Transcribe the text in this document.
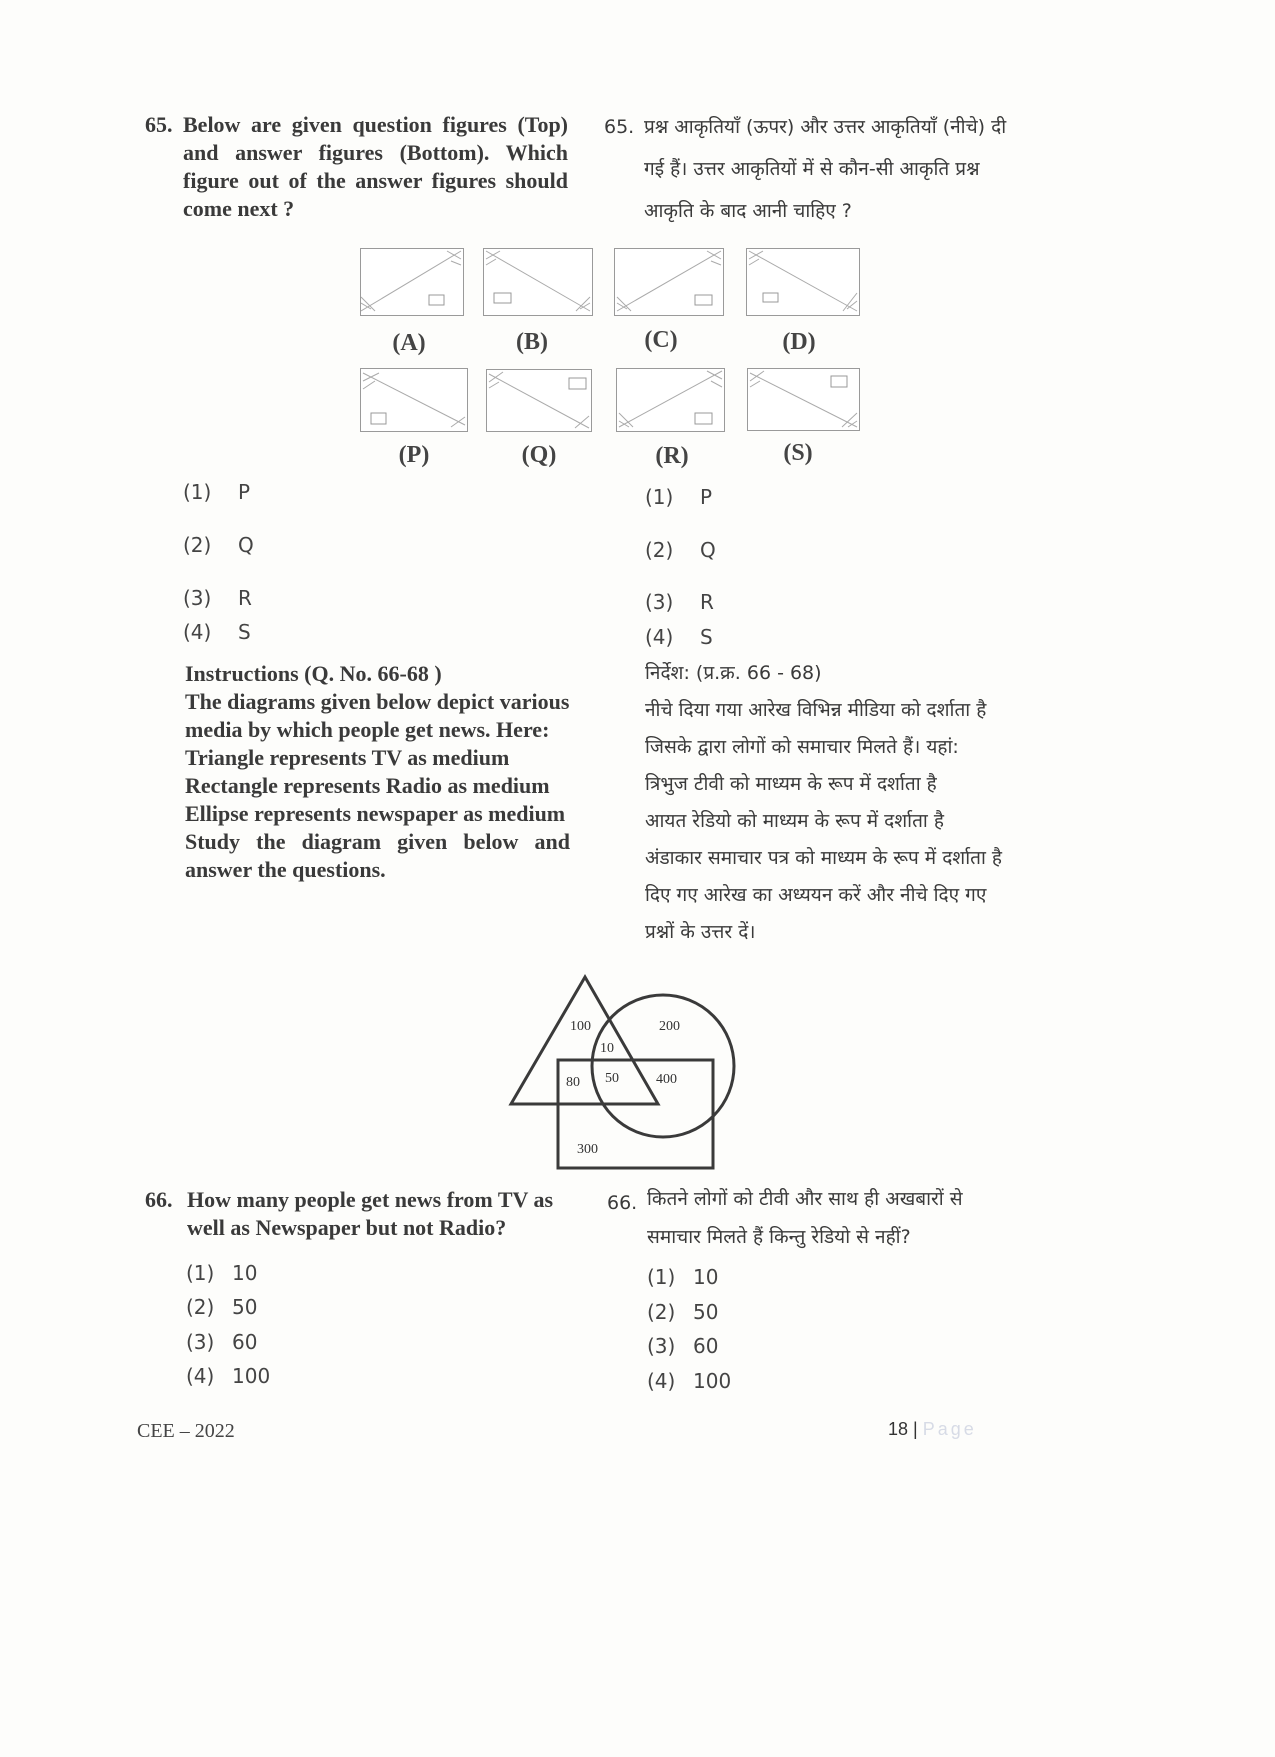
65. Below are given question figures (Top) and answer figures (Bottom). Which figure out of the answer figures should come next ?
65. प्रश्न आकृतियाँ (ऊपर) और उत्तर आकृतियाँ (नीचे) दी
गई हैं। उत्तर आकृतियों में से कौन-सी आकृति प्रश्न
आकृति के बाद आनी चाहिए ?
(A)	(B)	(C)	(D)
(P)	(Q)	(R)	(S)
(1) P
(2) Q
(3) R
(4) S
(1) P
(2) Q
(3) R
(4) S
Instructions (Q. No. 66-68 )
The diagrams given below depict various
media by which people get news. Here:
Triangle represents TV as medium
Rectangle represents Radio as medium
Ellipse represents newspaper as medium
Study the diagram given below and
answer the questions.
निर्देश: (प्र.क्र. 66 - 68)
नीचे दिया गया आरेख विभिन्न मीडिया को दर्शाता है
जिसके द्वारा लोगों को समाचार मिलते हैं। यहां:
त्रिभुज टीवी को माध्यम के रूप में दर्शाता है
आयत रेडियो को माध्यम के रूप में दर्शाता है
अंडाकार समाचार पत्र को माध्यम के रूप में दर्शाता है
दिए गए आरेख का अध्ययन करें और नीचे दिए गए
प्रश्नों के उत्तर दें।
100	200
10
80 50	400
300
66. How many people get news from TV as
well as Newspaper but not Radio?
66. कितने लोगों को टीवी और साथ ही अखबारों से
समाचार मिलते हैं किन्तु रेडियो से नहीं?
(1) 10
(2) 50
(3) 60
(4) 100
(1) 10
(2) 50
(3) 60
(4) 100
CEE – 2022	18 | Page
